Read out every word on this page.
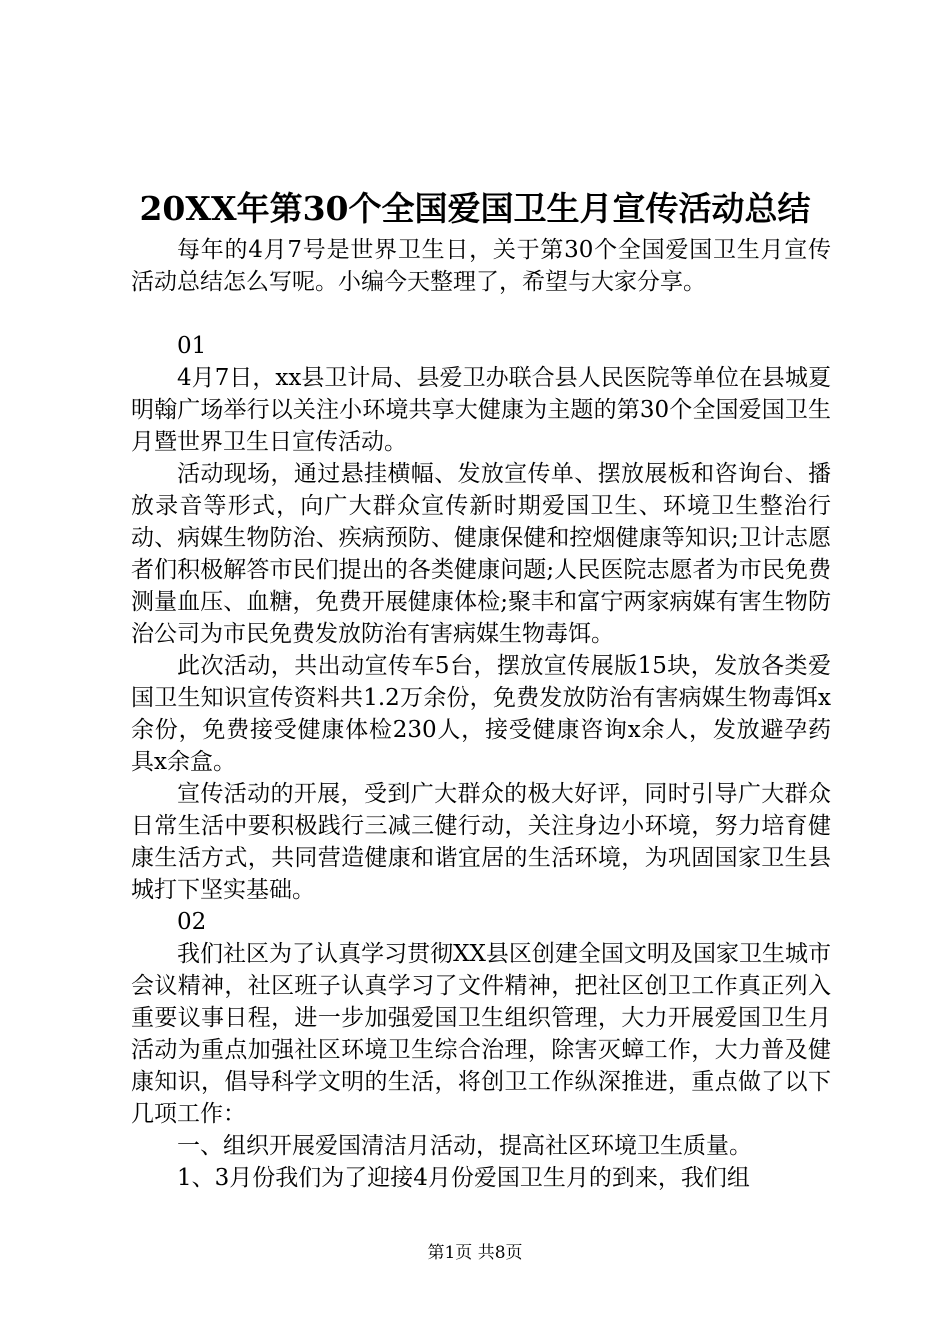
20XX年第30个全国爱国卫生月宣传活动总结

每年的4月7号是世界卫生日，关于第30个全国爱国卫生月宣传活动总结怎么写呢。小编今天整理了，希望与大家分享。

01

4月7日，xx县卫计局、县爱卫办联合县人民医院等单位在县城夏明翰广场举行以关注小环境共享大健康为主题的第30个全国爱国卫生月暨世界卫生日宣传活动。

活动现场，通过悬挂横幅、发放宣传单、摆放展板和咨询台、播放录音等形式，向广大群众宣传新时期爱国卫生、环境卫生整治行动、病媒生物防治、疾病预防、健康保健和控烟健康等知识;卫计志愿者们积极解答市民们提出的各类健康问题;人民医院志愿者为市民免费测量血压、血糖，免费开展健康体检;聚丰和富宁两家病媒有害生物防治公司为市民免费发放防治有害病媒生物毒饵。

此次活动，共出动宣传车5台，摆放宣传展版15块，发放各类爱国卫生知识宣传资料共1.2万余份，免费发放防治有害病媒生物毒饵x余份，免费接受健康体检230人，接受健康咨询x余人，发放避孕药具x余盒。

宣传活动的开展，受到广大群众的极大好评，同时引导广大群众日常生活中要积极践行三减三健行动，关注身边小环境，努力培育健康生活方式，共同营造健康和谐宜居的生活环境，为巩固国家卫生县城打下坚实基础。

02

我们社区为了认真学习贯彻XX县区创建全国文明及国家卫生城市会议精神，社区班子认真学习了文件精神，把社区创卫工作真正列入重要议事日程，进一步加强爱国卫生组织管理，大力开展爱国卫生月活动为重点加强社区环境卫生综合治理，除害灭蟑工作，大力普及健康知识，倡导科学文明的生活，将创卫工作纵深推进，重点做了以下几项工作：

一、组织开展爱国清洁月活动，提高社区环境卫生质量。

1、3月份我们为了迎接4月份爱国卫生月的到来，我们组

第1页 共8页
